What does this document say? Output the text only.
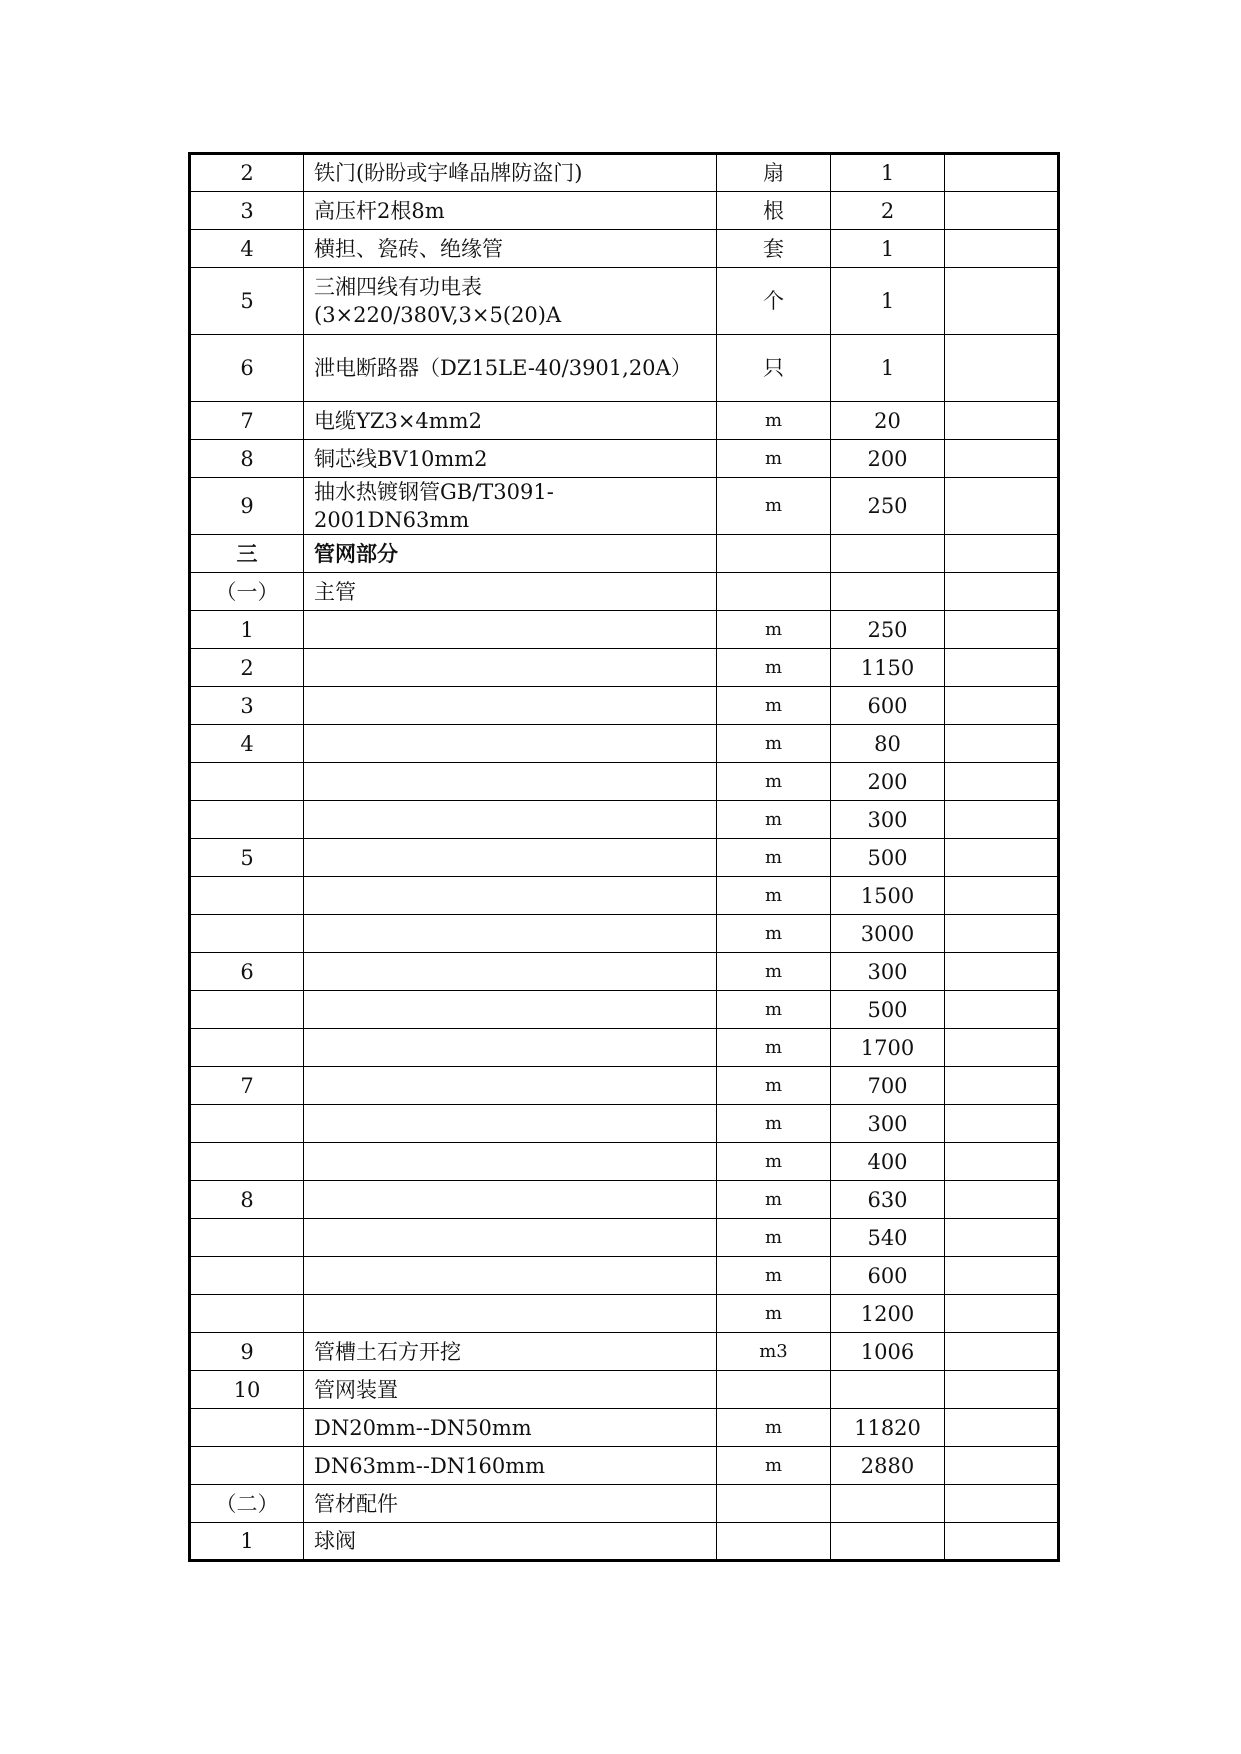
2	铁门(盼盼或宇峰品牌防盗门)	扇	1	
3	高压杆2根8m	根	2	
4	横担、瓷砖、绝缘管	套	1	
5	三湘四线有功电表(3×220/380V,3×5(20)A	个	1	
6	泄电断路器（DZ15LE-40/3901,20A）	只	1	
7	电缆YZ3×4mm2	m	20	
8	铜芯线BV10mm2	m	200	
9	抽水热镀钢管GB/T3091-2001DN63mm	m	250	
三	管网部分			
（一）	主管			
1		m	250	
2		m	1150	
3		m	600	
4		m	80	
		m	200	
		m	300	
5		m	500	
		m	1500	
		m	3000	
6		m	300	
		m	500	
		m	1700	
7		m	700	
		m	300	
		m	400	
8		m	630	
		m	540	
		m	600	
		m	1200	
9	管槽土石方开挖	m3	1006	
10	管网装置			
	DN20mm--DN50mm	m	11820	
	DN63mm--DN160mm	m	2880	
（二）	管材配件			
1	球阀			
